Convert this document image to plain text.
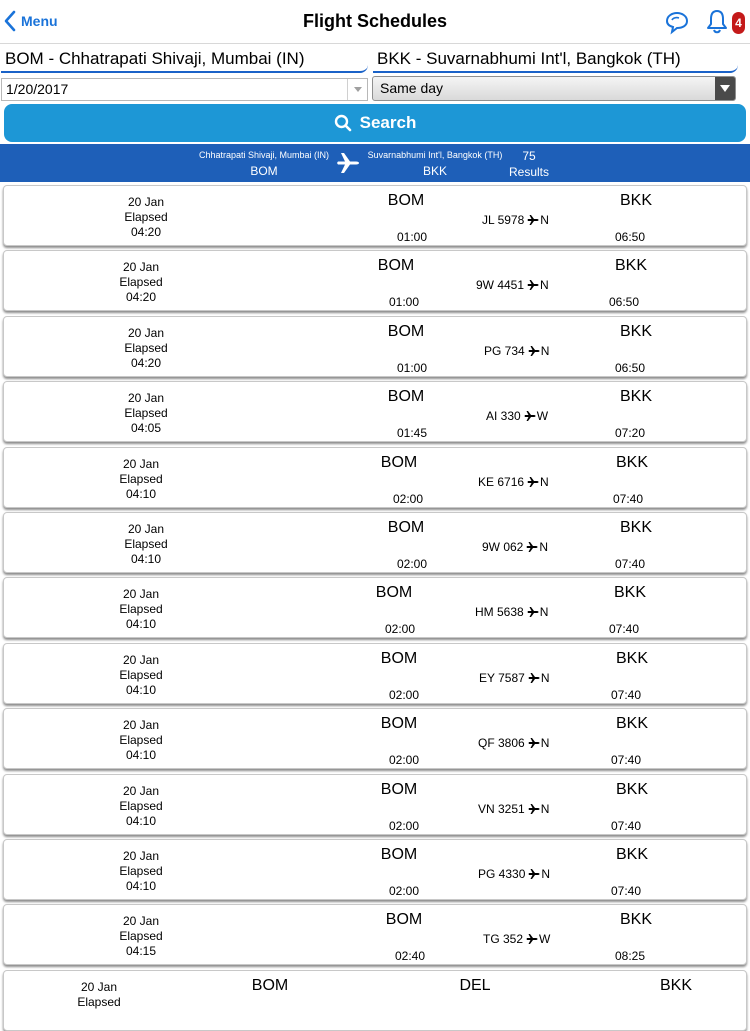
Menu	Flight Schedules	4
BOM - Chhatrapati Shivaji, Mumbai (IN)	BKK - Suvarnabhumi Int'l, Bangkok (TH)
1/20/2017	Same day
Search
Chhatrapati Shivaji, Mumbai (IN)
BOM
Suvarnabhumi Int'l, Bangkok (TH)
BKK
75
Results
20 Jan
Elapsed
04:20
BOM	BKK
JL 5978 N
01:00	06:50
20 Jan
Elapsed
04:20
BOM	BKK
9W 4451 N
01:00	06:50
20 Jan
Elapsed
04:20
BOM	BKK
PG 734 N
01:00	06:50
20 Jan
Elapsed
04:05
BOM	BKK
AI 330 W
01:45	07:20
20 Jan
Elapsed
04:10
BOM	BKK
KE 6716 N
02:00	07:40
20 Jan
Elapsed
04:10
BOM	BKK
9W 062 N
02:00	07:40
20 Jan
Elapsed
04:10
BOM	BKK
HM 5638 N
02:00	07:40
20 Jan
Elapsed
04:10
BOM	BKK
EY 7587 N
02:00	07:40
20 Jan
Elapsed
04:10
BOM	BKK
QF 3806 N
02:00	07:40
20 Jan
Elapsed
04:10
BOM	BKK
VN 3251 N
02:00	07:40
20 Jan
Elapsed
04:10
BOM	BKK
PG 4330 N
02:00	07:40
20 Jan
Elapsed
04:15
BOM	BKK
TG 352 W
02:40	08:25
20 Jan
Elapsed
BOM	DEL	BKK
